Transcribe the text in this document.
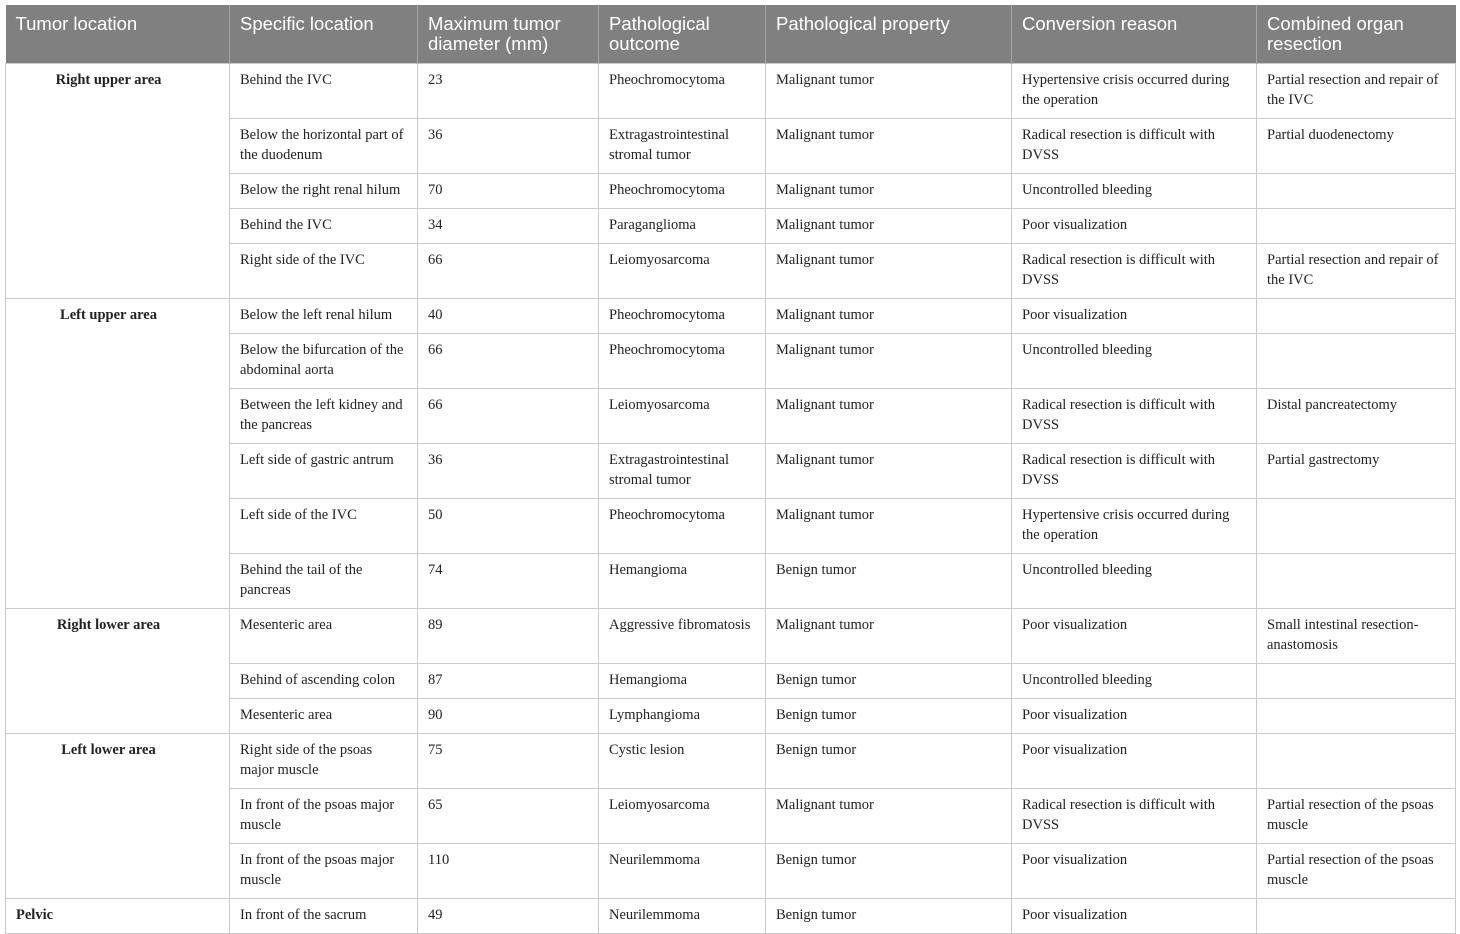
Tumor location	Specific location	Maximum tumor diameter (mm)	Pathological outcome	Pathological property	Conversion reason	Combined organ resection
Right upper area	Behind the IVC	23	Pheochromocytoma	Malignant tumor	Hypertensive crisis occurred during the operation	Partial resection and repair of the IVC
	Below the horizontal part of the duodenum	36	Extragastrointestinal stromal tumor	Malignant tumor	Radical resection is difficult with DVSS	Partial duodenectomy
	Below the right renal hilum	70	Pheochromocytoma	Malignant tumor	Uncontrolled bleeding	
	Behind the IVC	34	Paraganglioma	Malignant tumor	Poor visualization	
	Right side of the IVC	66	Leiomyosarcoma	Malignant tumor	Radical resection is difficult with DVSS	Partial resection and repair of the IVC
Left upper area	Below the left renal hilum	40	Pheochromocytoma	Malignant tumor	Poor visualization	
	Below the bifurcation of the abdominal aorta	66	Pheochromocytoma	Malignant tumor	Uncontrolled bleeding	
	Between the left kidney and the pancreas	66	Leiomyosarcoma	Malignant tumor	Radical resection is difficult with DVSS	Distal pancreatectomy
	Left side of gastric antrum	36	Extragastrointestinal stromal tumor	Malignant tumor	Radical resection is difficult with DVSS	Partial gastrectomy
	Left side of the IVC	50	Pheochromocytoma	Malignant tumor	Hypertensive crisis occurred during the operation	
	Behind the tail of the pancreas	74	Hemangioma	Benign tumor	Uncontrolled bleeding	
Right lower area	Mesenteric area	89	Aggressive fibromatosis	Malignant tumor	Poor visualization	Small intestinal resection-anastomosis
	Behind of ascending colon	87	Hemangioma	Benign tumor	Uncontrolled bleeding	
	Mesenteric area	90	Lymphangioma	Benign tumor	Poor visualization	
Left lower area	Right side of the psoas major muscle	75	Cystic lesion	Benign tumor	Poor visualization	
	In front of the psoas major muscle	65	Leiomyosarcoma	Malignant tumor	Radical resection is difficult with DVSS	Partial resection of the psoas muscle
	In front of the psoas major muscle	110	Neurilemmoma	Benign tumor	Poor visualization	Partial resection of the psoas muscle
Pelvic	In front of the sacrum	49	Neurilemmoma	Benign tumor	Poor visualization	
